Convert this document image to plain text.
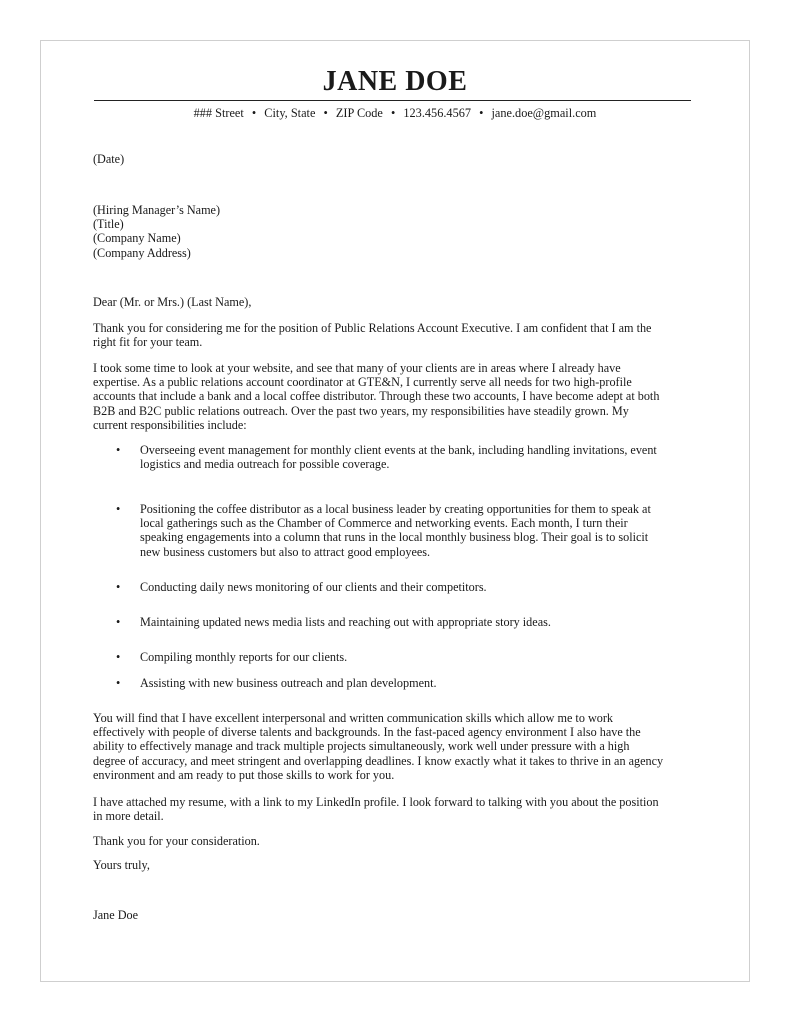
JANE DOE
### Street • City, State • ZIP Code • 123.456.4567 • jane.doe@gmail.com

(Date)

(Hiring Manager’s Name)
(Title)
(Company Name)
(Company Address)

Dear (Mr. or Mrs.) (Last Name),

Thank you for considering me for the position of Public Relations Account Executive. I am confident that I am the
right fit for your team.

I took some time to look at your website, and see that many of your clients are in areas where I already have
expertise. As a public relations account coordinator at GTE&N, I currently serve all needs for two high-profile
accounts that include a bank and a local coffee distributor. Through these two accounts, I have become adept at both
B2B and B2C public relations outreach. Over the past two years, my responsibilities have steadily grown. My
current responsibilities include:

• Overseeing event management for monthly client events at the bank, including handling invitations, event
logistics and media outreach for possible coverage.
• Positioning the coffee distributor as a local business leader by creating opportunities for them to speak at
local gatherings such as the Chamber of Commerce and networking events. Each month, I turn their
speaking engagements into a column that runs in the local monthly business blog. Their goal is to solicit
new business customers but also to attract good employees.
• Conducting daily news monitoring of our clients and their competitors.
• Maintaining updated news media lists and reaching out with appropriate story ideas.
• Compiling monthly reports for our clients.
• Assisting with new business outreach and plan development.

You will find that I have excellent interpersonal and written communication skills which allow me to work
effectively with people of diverse talents and backgrounds. In the fast-paced agency environment I also have the
ability to effectively manage and track multiple projects simultaneously, work well under pressure with a high
degree of accuracy, and meet stringent and overlapping deadlines. I know exactly what it takes to thrive in an agency
environment and am ready to put those skills to work for you.

I have attached my resume, with a link to my LinkedIn profile. I look forward to talking with you about the position
in more detail.

Thank you for your consideration.

Yours truly,

Jane Doe
